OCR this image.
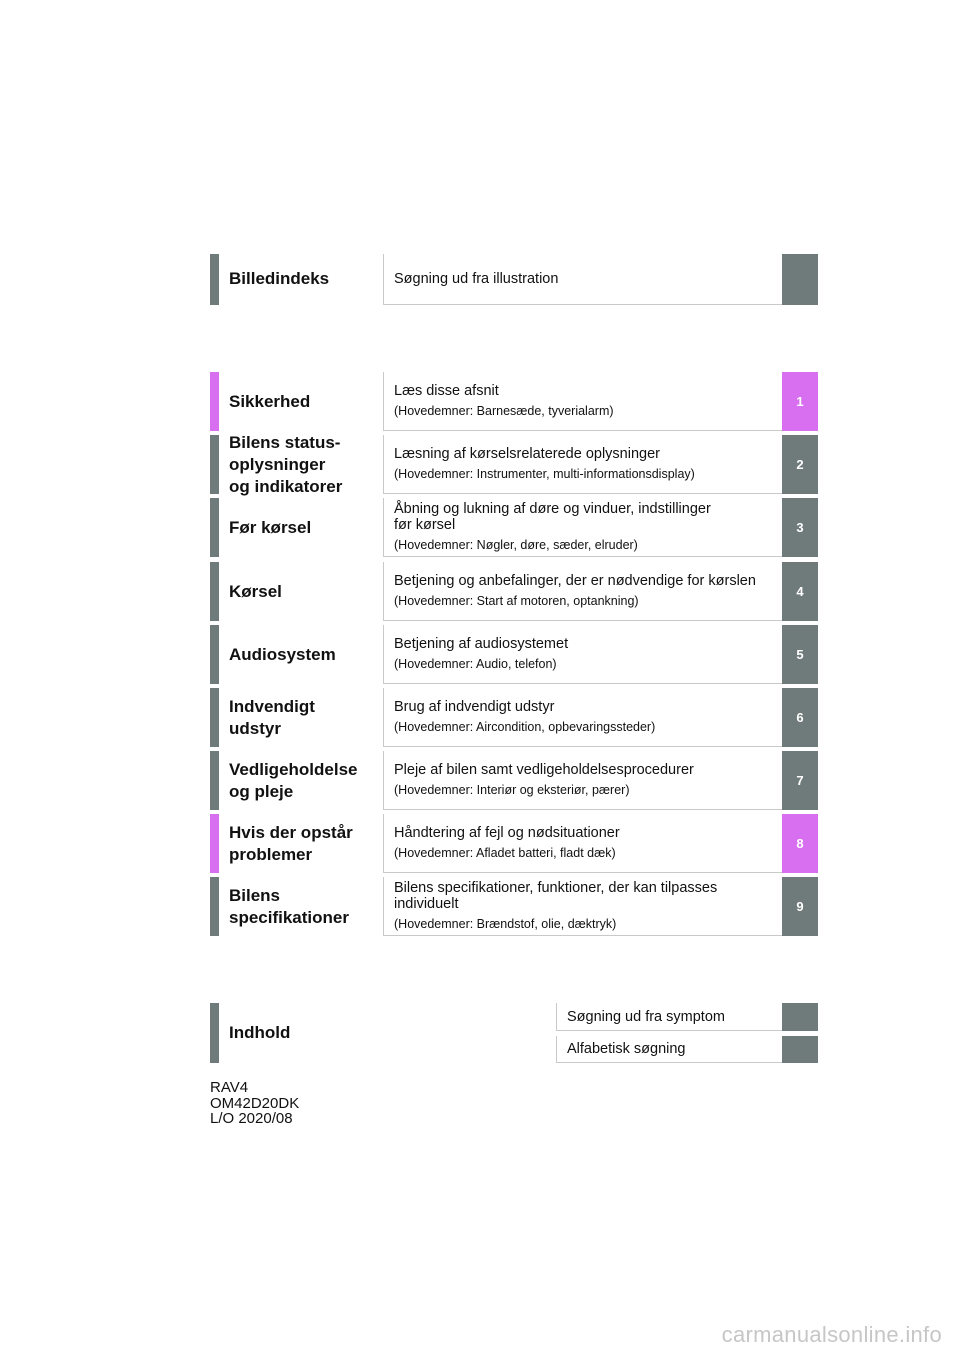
Billedindeks	Søgning ud fra illustration
Sikkerhed
Læs disse afsnit
(Hovedemner: Barnesæde, tyverialarm)
1
Bilens status-
oplysninger
og indikatorer
Læsning af kørselsrelaterede oplysninger
(Hovedemner: Instrumenter, multi-informationsdisplay)
2
Før kørsel
Åbning og lukning af døre og vinduer, indstillinger
før kørsel
(Hovedemner: Nøgler, døre, sæder, elruder)
3
Kørsel
Betjening og anbefalinger, der er nødvendige for kørslen
(Hovedemner: Start af motoren, optankning)
4
Audiosystem
Betjening af audiosystemet
(Hovedemner: Audio, telefon)
5
Indvendigt
udstyr
Brug af indvendigt udstyr
(Hovedemner: Aircondition, opbevaringssteder)
6
Vedligeholdelse
og pleje
Pleje af bilen samt vedligeholdelsesprocedurer
(Hovedemner: Interiør og eksteriør, pærer)
7
Hvis der opstår
problemer
Håndtering af fejl og nødsituationer
(Hovedemner: Afladet batteri, fladt dæk)
8
Bilens
specifikationer
Bilens specifikationer, funktioner, der kan tilpasses
individuelt
(Hovedemner: Brændstof, olie, dæktryk)
9
Indhold
Søgning ud fra symptom
Alfabetisk søgning
RAV4
OM42D20DK
L/O 2020/08
carmanualsonline.info
